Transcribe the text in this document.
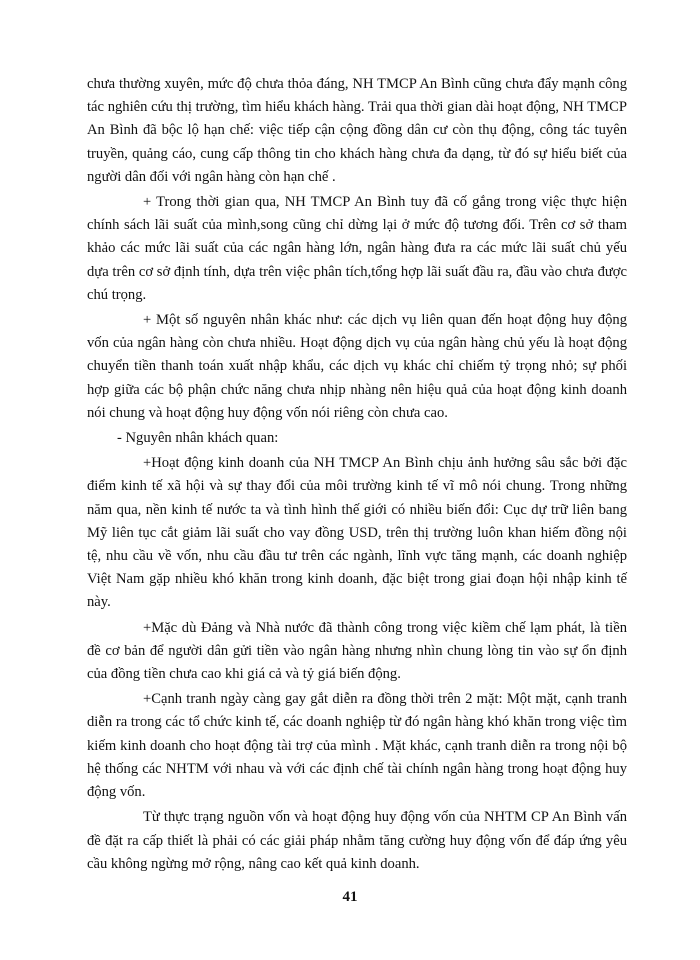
chưa thường xuyên, mức độ chưa thỏa đáng, NH TMCP An Bình cũng chưa đẩy mạnh công tác nghiên cứu thị trường, tìm hiểu khách hàng. Trải qua thời gian dài hoạt động, NH TMCP An Bình đã bộc lộ hạn chế: việc tiếp cận cộng đồng dân cư còn thụ động, công tác tuyên truyền, quảng cáo, cung cấp thông tin cho khách hàng chưa đa dạng, từ đó sự hiểu biết của người dân đối với ngân hàng còn hạn chế .

+ Trong thời gian qua, NH TMCP An Bình tuy đã cố gắng trong việc thực hiện chính sách lãi suất của mình,song cũng chỉ dừng lại ở mức độ tương đối. Trên cơ sở tham khảo các mức lãi suất của các ngân hàng lớn, ngân hàng đưa ra các mức lãi suất chủ yếu dựa trên cơ sở định tính, dựa trên việc phân tích,tổng hợp lãi suất đầu ra, đầu vào chưa được chú trọng.

+ Một số nguyên nhân khác như: các dịch vụ liên quan đến hoạt động huy động vốn của ngân hàng còn chưa nhiều. Hoạt động dịch vụ của ngân hàng chủ yếu là hoạt động chuyển tiền thanh toán xuất nhập khẩu, các dịch vụ khác chỉ chiếm tỷ trọng nhỏ; sự phối hợp giữa các bộ phận chức năng chưa nhịp nhàng nên hiệu quả của hoạt động kinh doanh nói chung và hoạt động huy động vốn nói riêng còn chưa cao.

- Nguyên nhân khách quan:

+Hoạt động kinh doanh của NH TMCP An Bình chịu ảnh hưởng sâu sắc bởi đặc điểm kinh tế xã hội và sự thay đổi của môi trường kinh tế vĩ mô nói chung. Trong những năm qua, nền kinh tế nước ta và tình hình thế giới có nhiều biến đổi: Cục dự trữ liên bang Mỹ liên tục cắt giảm lãi suất cho vay đồng USD, trên thị trường luôn khan hiếm đồng nội tệ, nhu cầu về vốn, nhu cầu đầu tư trên các ngành, lĩnh vực tăng mạnh, các doanh nghiệp Việt Nam gặp nhiều khó khăn trong kinh doanh, đặc biệt trong giai đoạn hội nhập kinh tế này.

+Mặc dù Đảng và Nhà nước đã thành công trong việc kiềm chế lạm phát, là tiền đề cơ bản để người dân gửi tiền vào ngân hàng nhưng nhìn chung lòng tin vào sự ổn định của đồng tiền chưa cao khi giá cả và tỷ giá biến động.

+Cạnh tranh ngày càng gay gắt diễn ra đồng thời trên 2 mặt: Một mặt, cạnh tranh diễn ra trong các tổ chức kinh tế, các doanh nghiệp từ đó ngân hàng khó khăn trong việc tìm kiếm kinh doanh cho hoạt động tài trợ của mình . Mặt khác, cạnh tranh diễn ra trong nội bộ hệ thống các NHTM với nhau và với các định chế tài chính ngân hàng trong hoạt động huy động vốn.

Từ thực trạng nguồn vốn và hoạt động huy động vốn của NHTM CP An Bình vấn đề đặt ra cấp thiết là phải có các giải pháp nhằm tăng cường huy động vốn để đáp ứng yêu cầu không ngừng mở rộng, nâng cao kết quả kinh doanh.

41
